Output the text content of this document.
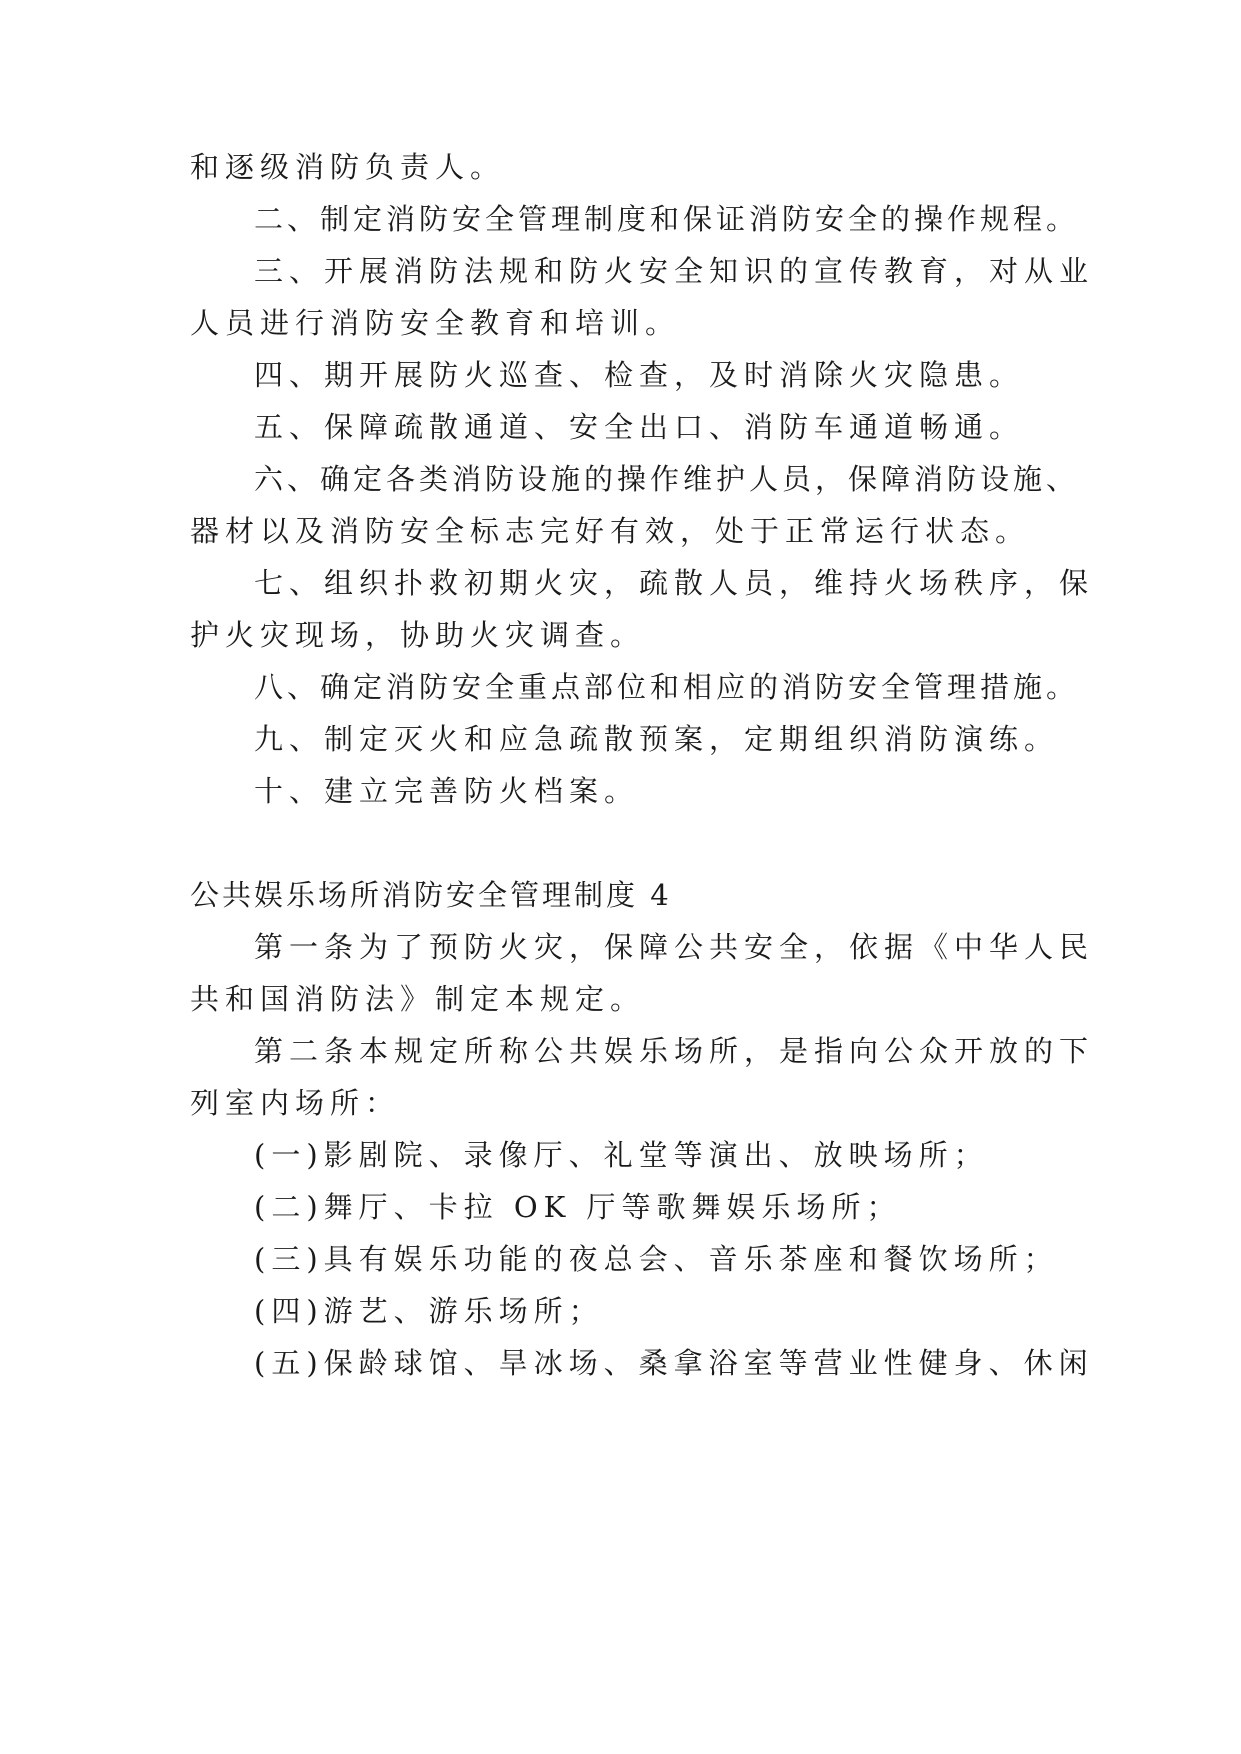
和逐级消防负责人。

二、制定消防安全管理制度和保证消防安全的操作规程。

三、开展消防法规和防火安全知识的宣传教育，对从业

人员进行消防安全教育和培训。

四、期开展防火巡查、检查，及时消除火灾隐患。

五、保障疏散通道、安全出口、消防车通道畅通。

六、确定各类消防设施的操作维护人员，保障消防设施、

器材以及消防安全标志完好有效，处于正常运行状态。

七、组织扑救初期火灾，疏散人员，维持火场秩序，保

护火灾现场，协助火灾调查。

八、确定消防安全重点部位和相应的消防安全管理措施。

九、制定灭火和应急疏散预案，定期组织消防演练。

十、建立完善防火档案。

公共娱乐场所消防安全管理制度 4

第一条为了预防火灾，保障公共安全，依据《中华人民

共和国消防法》制定本规定。

第二条本规定所称公共娱乐场所，是指向公众开放的下

列室内场所：

(一)影剧院、录像厅、礼堂等演出、放映场所；

(二)舞厅、卡拉 OK 厅等歌舞娱乐场所；

(三)具有娱乐功能的夜总会、音乐茶座和餐饮场所；

(四)游艺、游乐场所；

(五)保龄球馆、旱冰场、桑拿浴室等营业性健身、休闲
